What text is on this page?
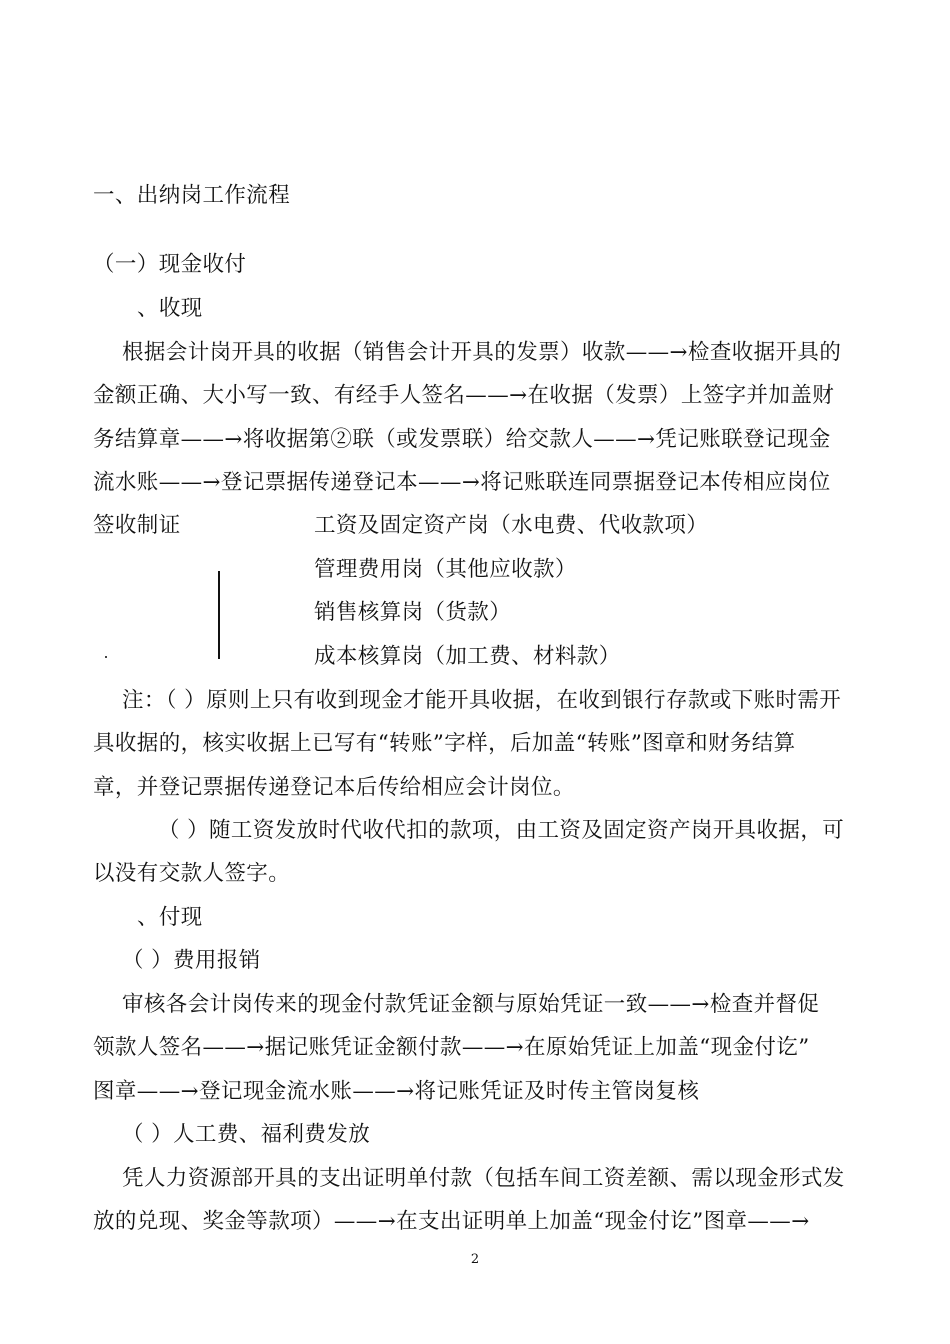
一、出纳岗工作流程
（一）现金收付
、收现
根据会计岗开具的收据（销售会计开具的发票）收款——→检查收据开具的
金额正确、大小写一致、有经手人签名——→在收据（发票）上签字并加盖财
务结算章——→将收据第②联（或发票联）给交款人——→凭记账联登记现金
流水账——→登记票据传递登记本——→将记账联连同票据登记本传相应岗位
签收制证	工资及固定资产岗（水电费、代收款项）
管理费用岗（其他应收款）
销售核算岗（货款）
成本核算岗（加工费、材料款）
注：（ ）原则上只有收到现金才能开具收据，在收到银行存款或下账时需开
具收据的，核实收据上已写有“转账”字样，后加盖“转账”图章和财务结算
章，并登记票据传递登记本后传给相应会计岗位。
（ ）随工资发放时代收代扣的款项，由工资及固定资产岗开具收据，可
以没有交款人签字。
、付现
（ ）费用报销
审核各会计岗传来的现金付款凭证金额与原始凭证一致——→检查并督促
领款人签名——→据记账凭证金额付款——→在原始凭证上加盖“现金付讫”
图章——→登记现金流水账——→将记账凭证及时传主管岗复核
（ ）人工费、福利费发放
凭人力资源部开具的支出证明单付款（包括车间工资差额、需以现金形式发
放的兑现、奖金等款项）——→在支出证明单上加盖“现金付讫”图章——→
2
